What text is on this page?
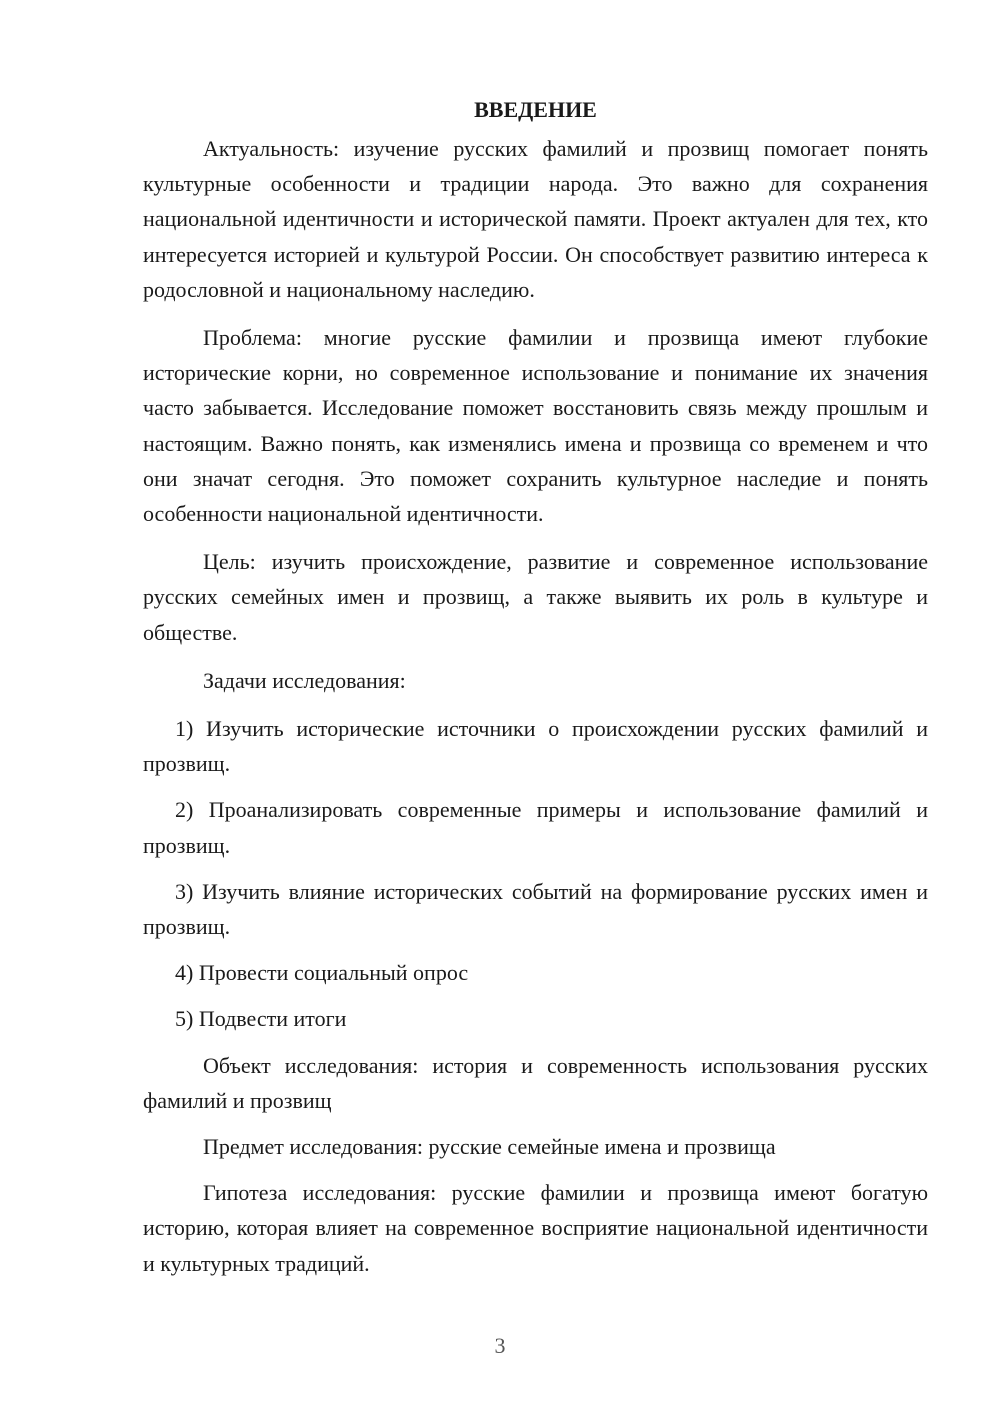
ВВЕДЕНИЕ

Актуальность: изучение русских фамилий и прозвищ помогает понять культурные особенности и традиции народа. Это важно для сохранения национальной идентичности и исторической памяти. Проект актуален для тех, кто интересуется историей и культурой России. Он способствует развитию интереса к родословной и национальному наследию.

Проблема: многие русские фамилии и прозвища имеют глубокие исторические корни, но современное использование и понимание их значения часто забывается. Исследование поможет восстановить связь между прошлым и настоящим. Важно понять, как изменялись имена и прозвища со временем и что они значат сегодня. Это поможет сохранить культурное наследие и понять особенности национальной идентичности.

Цель: изучить происхождение, развитие и современное использование русских семейных имен и прозвищ, а также выявить их роль в культуре и обществе.

Задачи исследования:

1) Изучить исторические источники о происхождении русских фамилий и прозвищ.

2) Проанализировать современные примеры и использование фамилий и прозвищ.

3) Изучить влияние исторических событий на формирование русских имен и прозвищ.

4) Провести социальный опрос

5) Подвести итоги

Объект исследования: история и современность использования русских фамилий и прозвищ

Предмет исследования: русские семейные имена и прозвища

Гипотеза исследования: русские фамилии и прозвища имеют богатую историю, которая влияет на современное восприятие национальной идентичности и культурных традиций.

3
